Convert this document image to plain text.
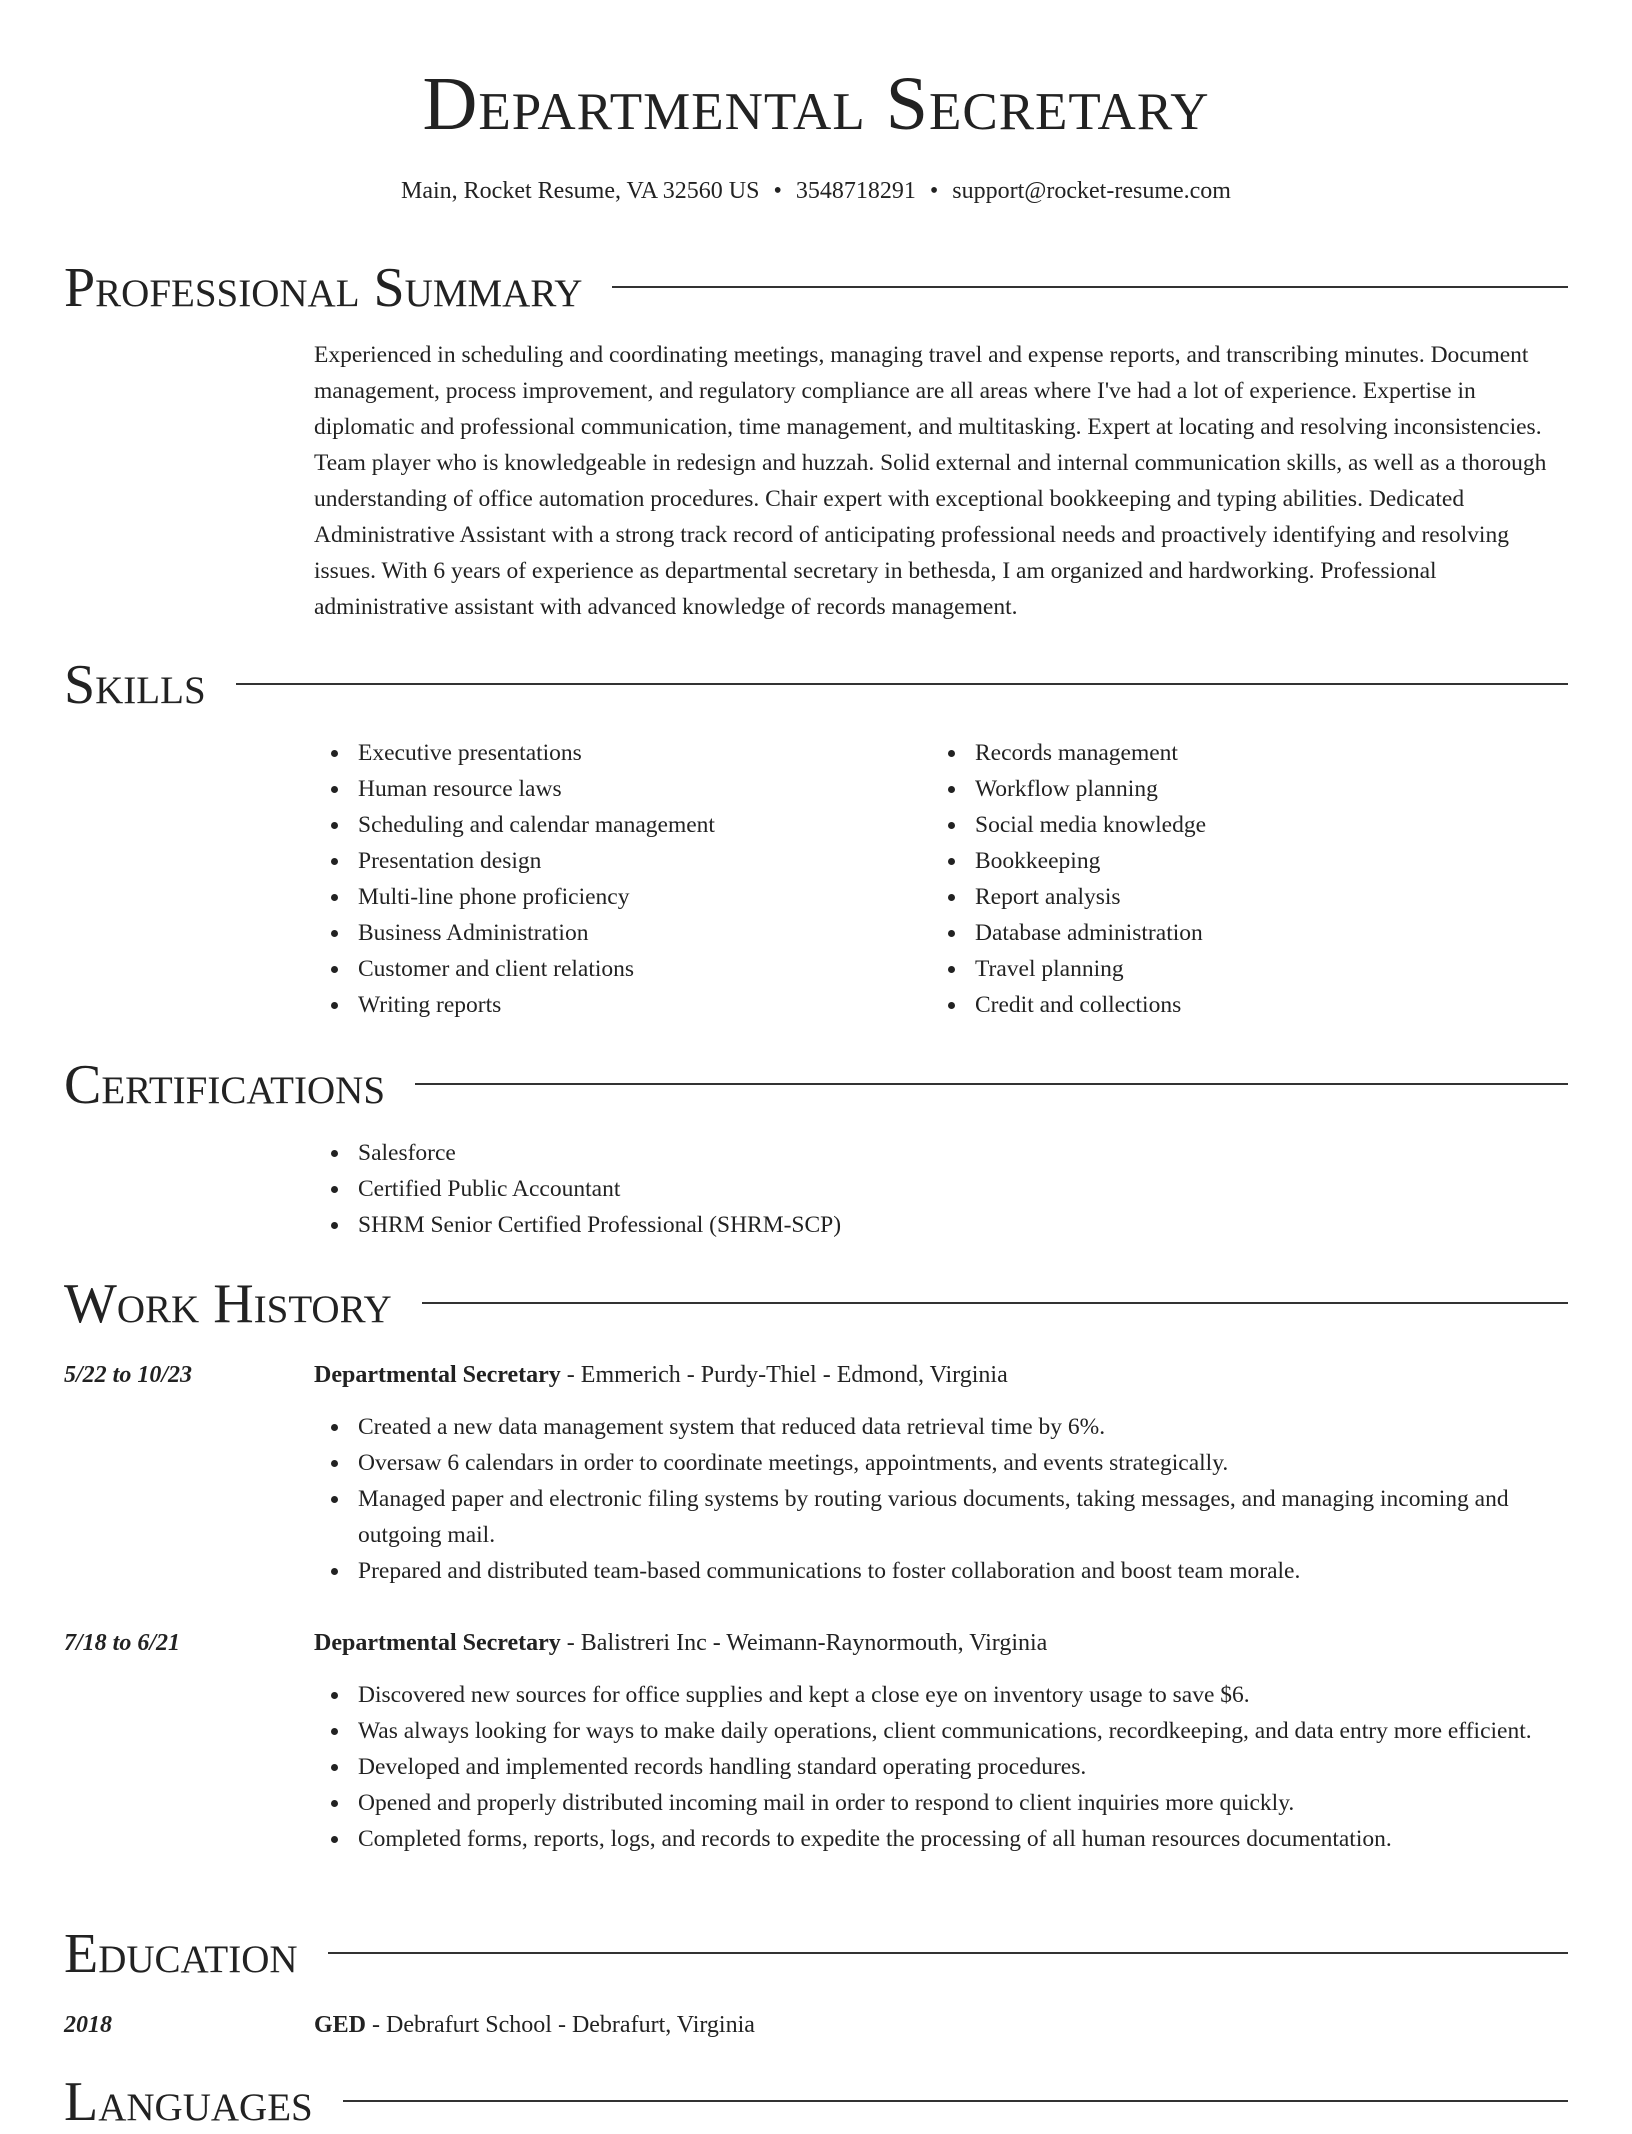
Departmental Secretary
Main, Rocket Resume, VA 32560 US • 3548718291 • support@rocket-resume.com
Professional Summary

Experienced in scheduling and coordinating meetings, managing travel and expense reports, and transcribing minutes. Document management, process improvement, and regulatory compliance are all areas where I've had a lot of experience. Expertise in diplomatic and professional communication, time management, and multitasking. Expert at locating and resolving inconsistencies. Team player who is knowledgeable in redesign and huzzah. Solid external and internal communication skills, as well as a thorough understanding of office automation procedures. Chair expert with exceptional bookkeeping and typing abilities. Dedicated Administrative Assistant with a strong track record of anticipating professional needs and proactively identifying and resolving issues. With 6 years of experience as departmental secretary in bethesda, I am organized and hardworking. Professional administrative assistant with advanced knowledge of records management.

Skills
Executive presentations
Human resource laws
Scheduling and calendar management
Presentation design
Multi-line phone proficiency
Business Administration
Customer and client relations
Writing reports
Records management
Workflow planning
Social media knowledge
Bookkeeping
Report analysis
Database administration
Travel planning
Credit and collections
Certifications
Salesforce
Certified Public Accountant
SHRM Senior Certified Professional (SHRM-SCP)
Work History
5/22 to 10/23	Departmental Secretary - Emmerich - Purdy-Thiel - Edmond, Virginia
Created a new data management system that reduced data retrieval time by 6%.
Oversaw 6 calendars in order to coordinate meetings, appointments, and events strategically.
Managed paper and electronic filing systems by routing various documents, taking messages, and managing incoming and outgoing mail.
Prepared and distributed team-based communications to foster collaboration and boost team morale.
7/18 to 6/21	Departmental Secretary - Balistreri Inc - Weimann-Raynormouth, Virginia
Discovered new sources for office supplies and kept a close eye on inventory usage to save $6.
Was always looking for ways to make daily operations, client communications, recordkeeping, and data entry more efficient.
Developed and implemented records handling standard operating procedures.
Opened and properly distributed incoming mail in order to respond to client inquiries more quickly.
Completed forms, reports, logs, and records to expedite the processing of all human resources documentation.
Education
2018	GED - Debrafurt School - Debrafurt, Virginia
Languages
